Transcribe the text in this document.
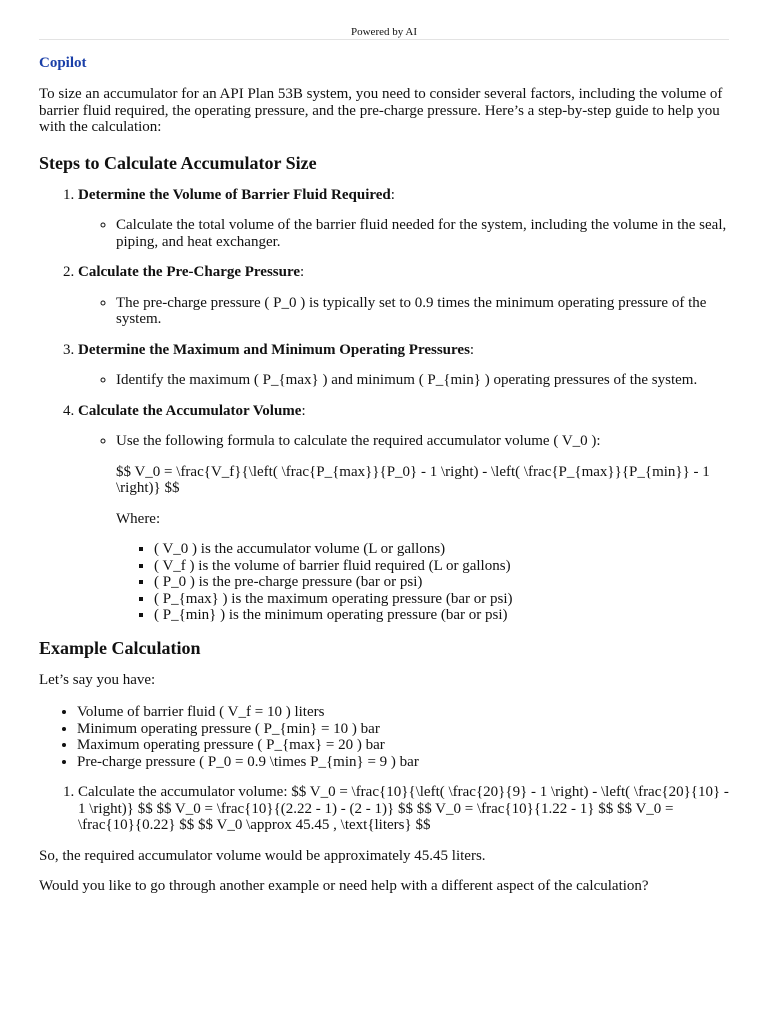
Powered by AI
Copilot

To size an accumulator for an API Plan 53B system, you need to consider several factors, including the volume of barrier fluid required, the operating pressure, and the pre-charge pressure. Here’s a step-by-step guide to help you with the calculation:

Steps to Calculate Accumulator Size
1. Determine the Volume of Barrier Fluid Required:
◦ Calculate the total volume of the barrier fluid needed for the system, including the volume in the seal, piping, and heat exchanger.
2. Calculate the Pre-Charge Pressure:
◦ The pre-charge pressure ( P_0 ) is typically set to 0.9 times the minimum operating pressure of the system.
3. Determine the Maximum and Minimum Operating Pressures:
◦ Identify the maximum ( P_{max} ) and minimum ( P_{min} ) operating pressures of the system.
4. Calculate the Accumulator Volume:
◦ Use the following formula to calculate the required accumulator volume ( V_0 ):
$$ V_0 = \frac{V_f}{\left( \frac{P_{max}}{P_0} - 1 \right) - \left( \frac{P_{max}}{P_{min}} - 1 \right)} $$
Where:
▪ ( V_0 ) is the accumulator volume (L or gallons)
▪ ( V_f ) is the volume of barrier fluid required (L or gallons)
▪ ( P_0 ) is the pre-charge pressure (bar or psi)
▪ ( P_{max} ) is the maximum operating pressure (bar or psi)
▪ ( P_{min} ) is the minimum operating pressure (bar or psi)
Example Calculation

Let’s say you have:

• Volume of barrier fluid ( V_f = 10 ) liters
• Minimum operating pressure ( P_{min} = 10 ) bar
• Maximum operating pressure ( P_{max} = 20 ) bar
• Pre-charge pressure ( P_0 = 0.9 \times P_{min} = 9 ) bar
1. Calculate the accumulator volume: $$ V_0 = \frac{10}{\left( \frac{20}{9} - 1 \right) - \left( \frac{20}{10} - 1 \right)} $$ $$ V_0 = \frac{10}{(2.22 - 1) - (2 - 1)} $$ $$ V_0 = \frac{10}{1.22 - 1} $$ $$ V_0 = \frac{10}{0.22} $$ $$ V_0 \approx 45.45 , \text{liters} $$

So, the required accumulator volume would be approximately 45.45 liters.

Would you like to go through another example or need help with a different aspect of the calculation?
